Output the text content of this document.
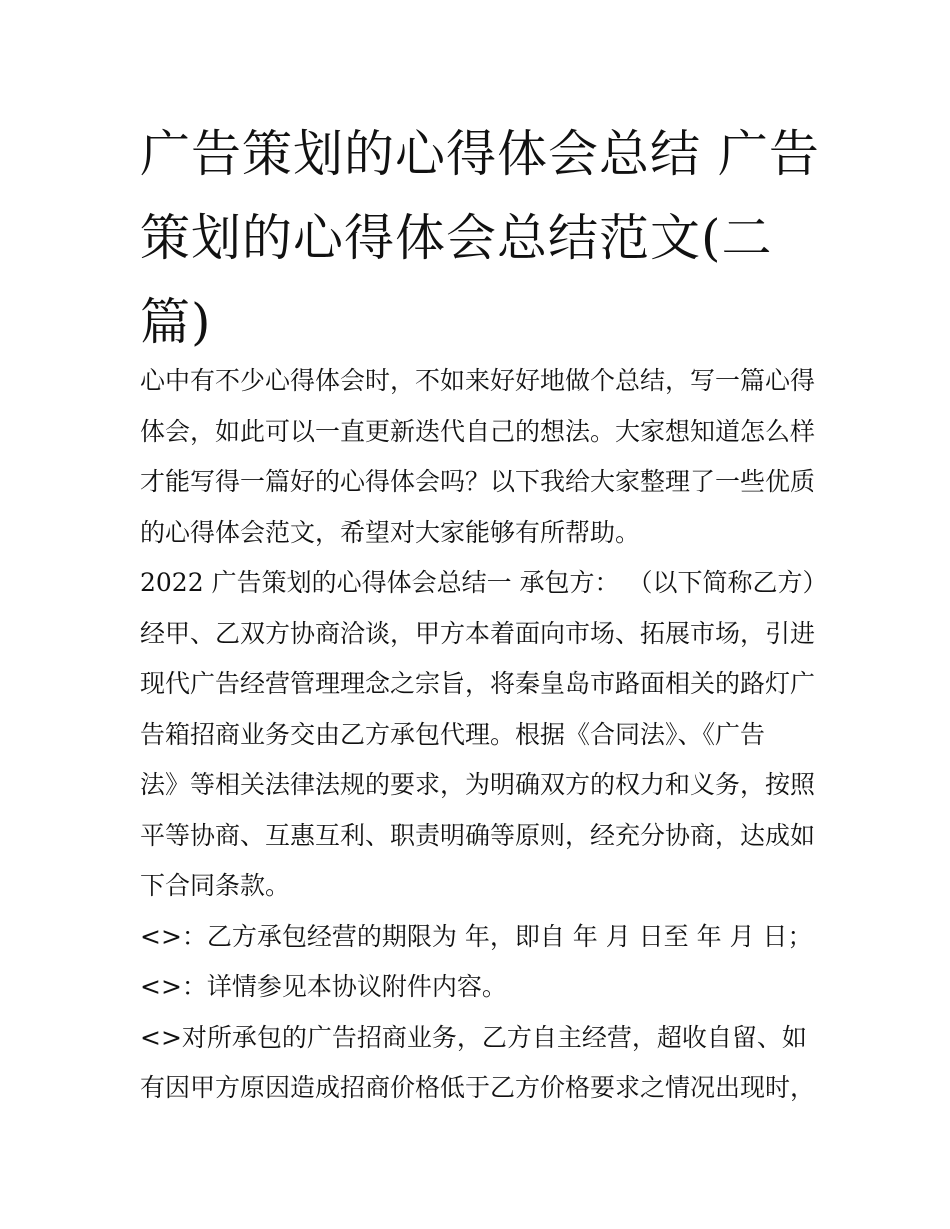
广告策划的心得体会总结 广告
策划的心得体会总结范文(二
篇)
心中有不少心得体会时，不如来好好地做个总结，写一篇心得
体会，如此可以一直更新迭代自己的想法。大家想知道怎么样
才能写得一篇好的心得体会吗？以下我给大家整理了一些优质
的心得体会范文，希望对大家能够有所帮助。
2022 广告策划的心得体会总结一 承包方： （以下简称乙方）
经甲、乙双方协商洽谈，甲方本着面向市场、拓展市场，引进
现代广告经营管理理念之宗旨，将秦皇岛市路面相关的路灯广
告箱招商业务交由乙方承包代理。根据《合同法》、《广告
法》等相关法律法规的要求，为明确双方的权力和义务，按照
平等协商、互惠互利、职责明确等原则，经充分协商，达成如
下合同条款。
<>：乙方承包经营的期限为 年，即自 年 月 日至 年 月 日；
<>：详情参见本协议附件内容。
<>对所承包的广告招商业务，乙方自主经营，超收自留、如
有因甲方原因造成招商价格低于乙方价格要求之情况出现时，
